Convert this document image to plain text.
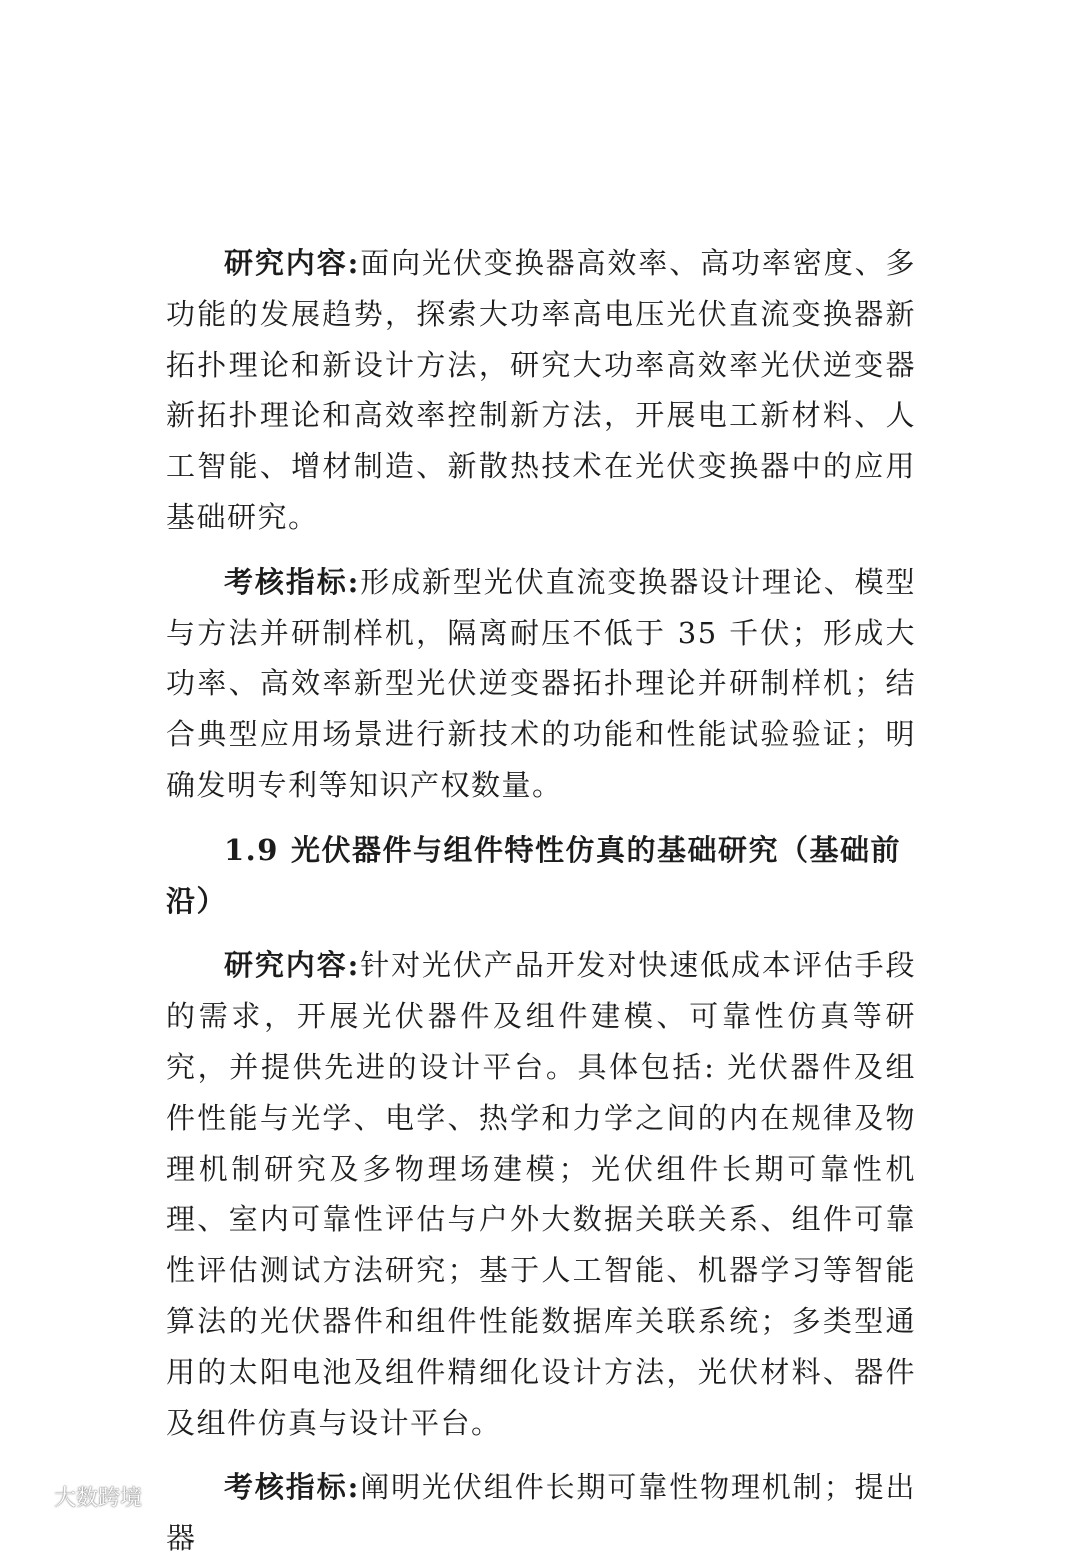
研究内容:面向光伏变换器高效率、高功率密度、多功能的发展趋势，探索大功率高电压光伏直流变换器新拓扑理论和新设计方法，研究大功率高效率光伏逆变器新拓扑理论和高效率控制新方法，开展电工新材料、人工智能、增材制造、新散热技术在光伏变换器中的应用基础研究。

考核指标:形成新型光伏直流变换器设计理论、模型与方法并研制样机，隔离耐压不低于 35 千伏；形成大功率、高效率新型光伏逆变器拓扑理论并研制样机；结合典型应用场景进行新技术的功能和性能试验验证；明确发明专利等知识产权数量。

1.9 光伏器件与组件特性仿真的基础研究（基础前沿）

研究内容:针对光伏产品开发对快速低成本评估手段的需求，开展光伏器件及组件建模、可靠性仿真等研究，并提供先进的设计平台。具体包括: 光伏器件及组件性能与光学、电学、热学和力学之间的内在规律及物理机制研究及多物理场建模；光伏组件长期可靠性机理、室内可靠性评估与户外大数据关联关系、组件可靠性评估测试方法研究；基于人工智能、机器学习等智能算法的光伏器件和组件性能数据库关联系统；多类型通用的太阳电池及组件精细化设计方法，光伏材料、器件及组件仿真与设计平台。

考核指标:阐明光伏组件长期可靠性物理机制；提出器

大数跨境
